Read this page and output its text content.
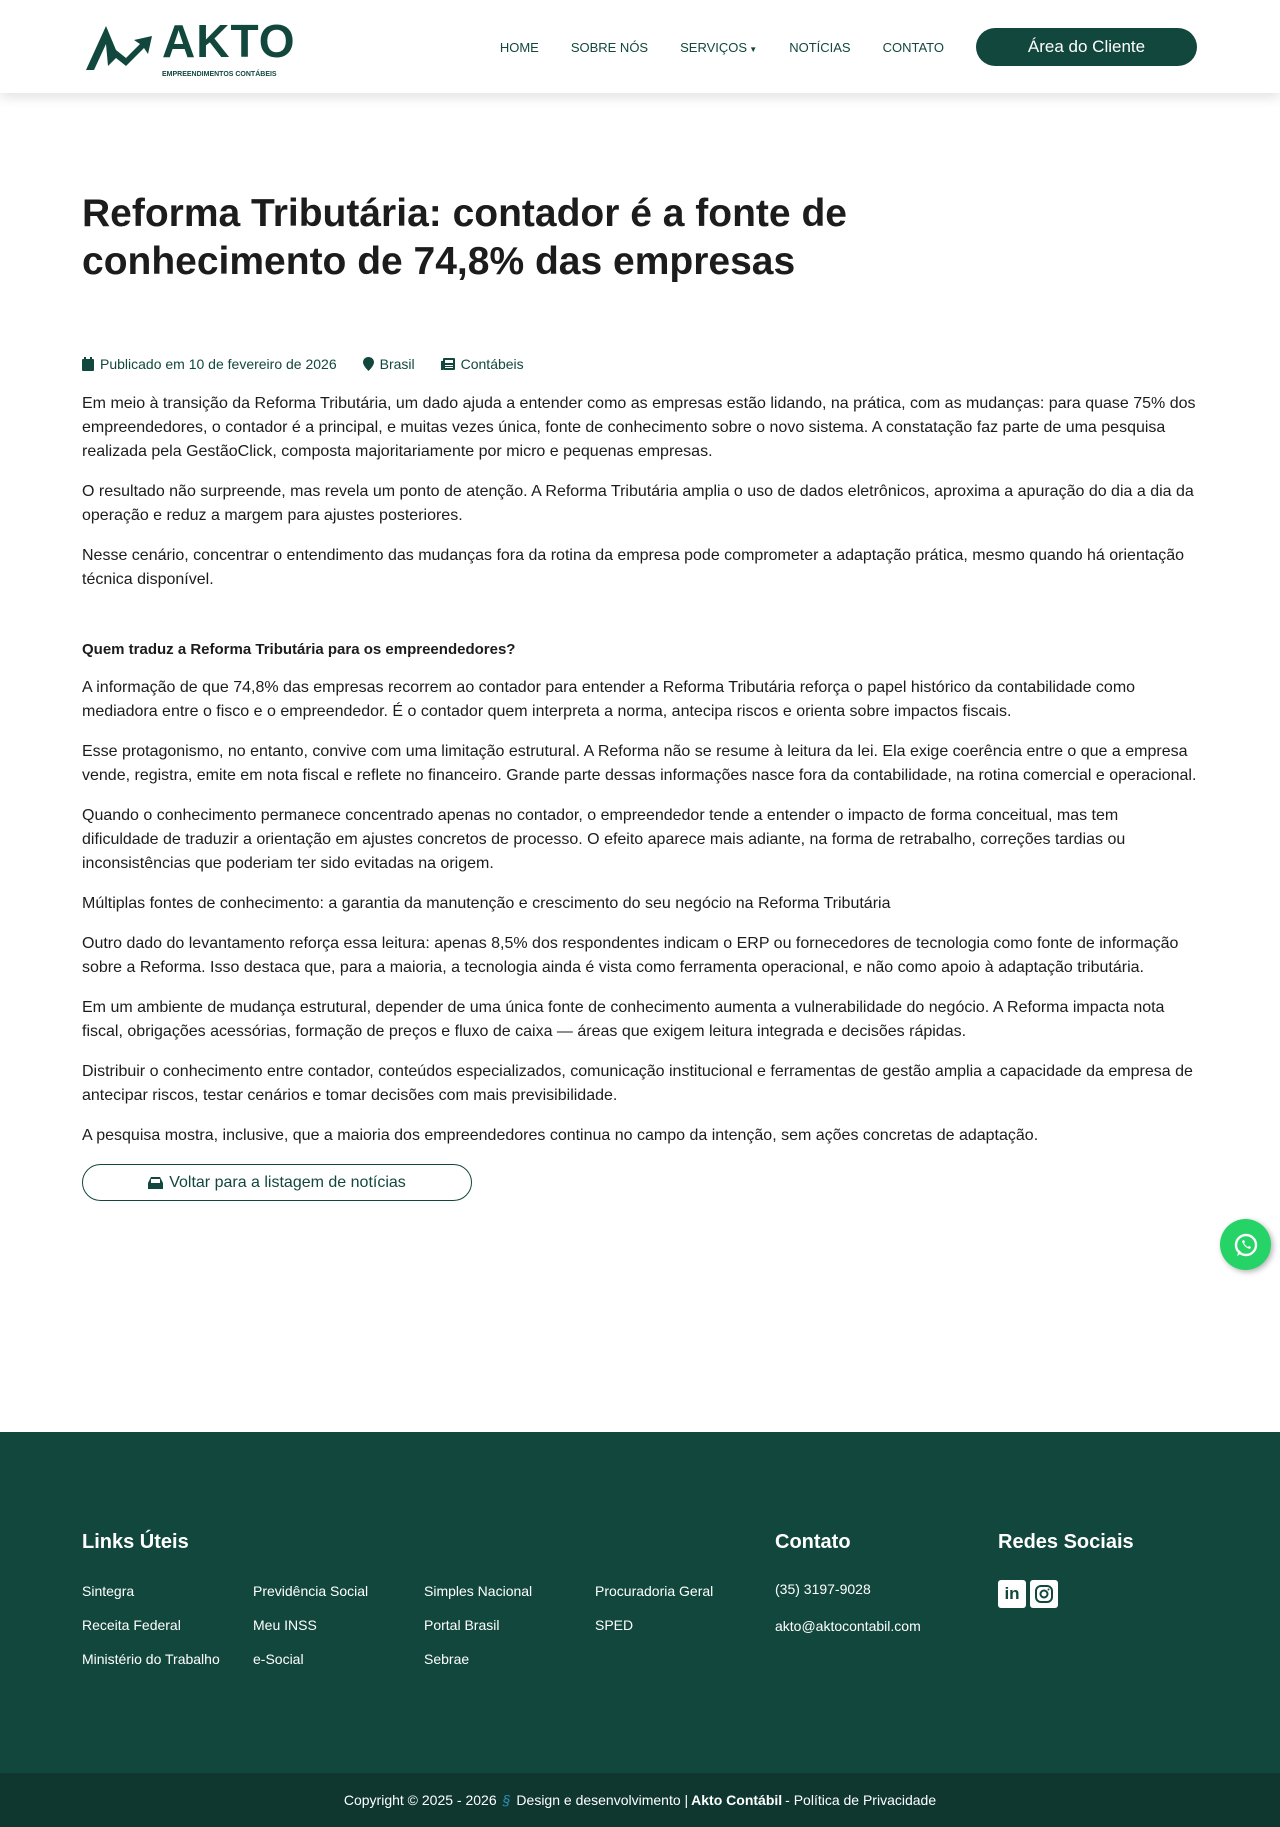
AKTO
EMPREENDIMENTOS CONTÁBEIS
HOME SOBRE NÓS SERVIÇOS ▼ NOTÍCIAS CONTATO	Área do Cliente
Reforma Tributária: contador é a fonte de conhecimento de 74,8% das empresas
Publicado em 10 de fevereiro de 2026	Brasil	Contábeis

Em meio à transição da Reforma Tributária, um dado ajuda a entender como as empresas estão lidando, na prática, com as mudanças: para quase 75% dos empreendedores, o contador é a principal, e muitas vezes única, fonte de conhecimento sobre o novo sistema. A constatação faz parte de uma pesquisa realizada pela GestãoClick, composta majoritariamente por micro e pequenas empresas.

O resultado não surpreende, mas revela um ponto de atenção. A Reforma Tributária amplia o uso de dados eletrônicos, aproxima a apuração do dia a dia da operação e reduz a margem para ajustes posteriores.

Nesse cenário, concentrar o entendimento das mudanças fora da rotina da empresa pode comprometer a adaptação prática, mesmo quando há orientação técnica disponível.

Quem traduz a Reforma Tributária para os empreendedores?

A informação de que 74,8% das empresas recorrem ao contador para entender a Reforma Tributária reforça o papel histórico da contabilidade como mediadora entre o fisco e o empreendedor. É o contador quem interpreta a norma, antecipa riscos e orienta sobre impactos fiscais.

Esse protagonismo, no entanto, convive com uma limitação estrutural. A Reforma não se resume à leitura da lei. Ela exige coerência entre o que a empresa vende, registra, emite em nota fiscal e reflete no financeiro. Grande parte dessas informações nasce fora da contabilidade, na rotina comercial e operacional.

Quando o conhecimento permanece concentrado apenas no contador, o empreendedor tende a entender o impacto de forma conceitual, mas tem dificuldade de traduzir a orientação em ajustes concretos de processo. O efeito aparece mais adiante, na forma de retrabalho, correções tardias ou inconsistências que poderiam ter sido evitadas na origem.

Múltiplas fontes de conhecimento: a garantia da manutenção e crescimento do seu negócio na Reforma Tributária

Outro dado do levantamento reforça essa leitura: apenas 8,5% dos respondentes indicam o ERP ou fornecedores de tecnologia como fonte de informação sobre a Reforma. Isso destaca que, para a maioria, a tecnologia ainda é vista como ferramenta operacional, e não como apoio à adaptação tributária.

Em um ambiente de mudança estrutural, depender de uma única fonte de conhecimento aumenta a vulnerabilidade do negócio. A Reforma impacta nota fiscal, obrigações acessórias, formação de preços e fluxo de caixa — áreas que exigem leitura integrada e decisões rápidas.

Distribuir o conhecimento entre contador, conteúdos especializados, comunicação institucional e ferramentas de gestão amplia a capacidade da empresa de antecipar riscos, testar cenários e tomar decisões com mais previsibilidade.

A pesquisa mostra, inclusive, que a maioria dos empreendedores continua no campo da intenção, sem ações concretas de adaptação.

Voltar para a listagem de notícias
Links Úteis
Sintegra
Receita Federal
Ministério do Trabalho
Previdência Social
Meu INSS
e-Social
Simples Nacional
Portal Brasil
Sebrae
Procuradoria Geral
SPED
Contato
(35) 3197-9028
akto@aktocontabil.com
Redes Sociais
in
Copyright © 2025 - 2026 § Design e desenvolvimento | Akto Contábil - Política de Privacidade
